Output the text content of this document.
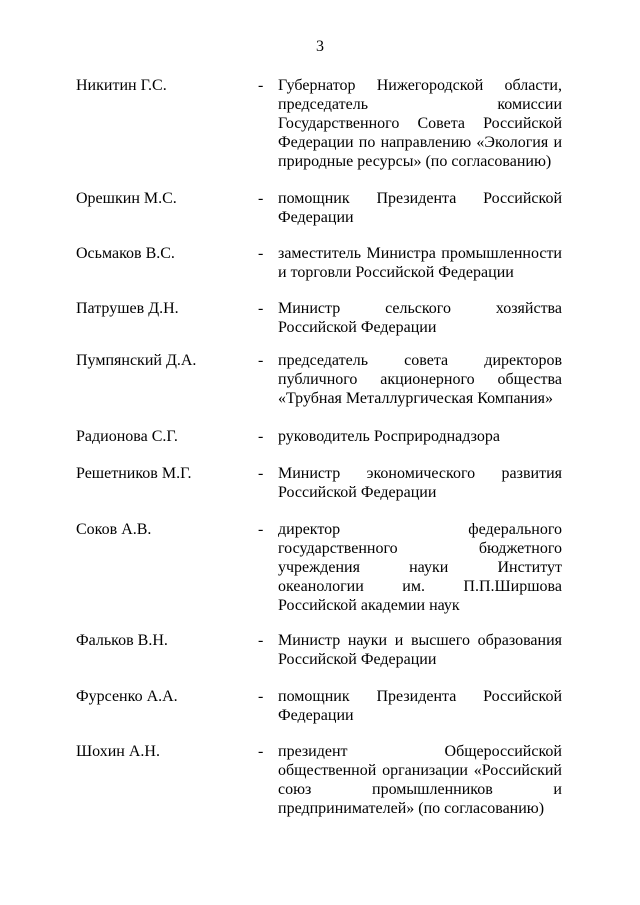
3
Никитин Г.С.	- Губернатор Нижегородской области,
председатель комиссии
Государственного Совета Российской
Федерации по направлению «Экология и
природные ресурсы» (по согласованию)
Орешкин М.С.	- помощник Президента Российской
Федерации
Осьмаков В.С.	- заместитель Министра промышленности
и торговли Российской Федерации
Патрушев Д.Н.	- Министр сельского хозяйства
Российской Федерации
Пумпянский Д.А.	- председатель совета директоров
публичного акционерного общества
«Трубная Металлургическая Компания»
Радионова С.Г.	- руководитель Росприроднадзора
Решетников М.Г.	- Министр экономического развития
Российской Федерации
Соков А.В.	- директор федерального
государственного бюджетного
учреждения науки Институт
океанологии им. П.П.Ширшова
Российской академии наук
Фальков В.Н.	- Министр науки и высшего образования
Российской Федерации
Фурсенко А.А.	- помощник Президента Российской
Федерации
Шохин А.Н.	- президент Общероссийской
общественной организации «Российский
союз промышленников и
предпринимателей» (по согласованию)
